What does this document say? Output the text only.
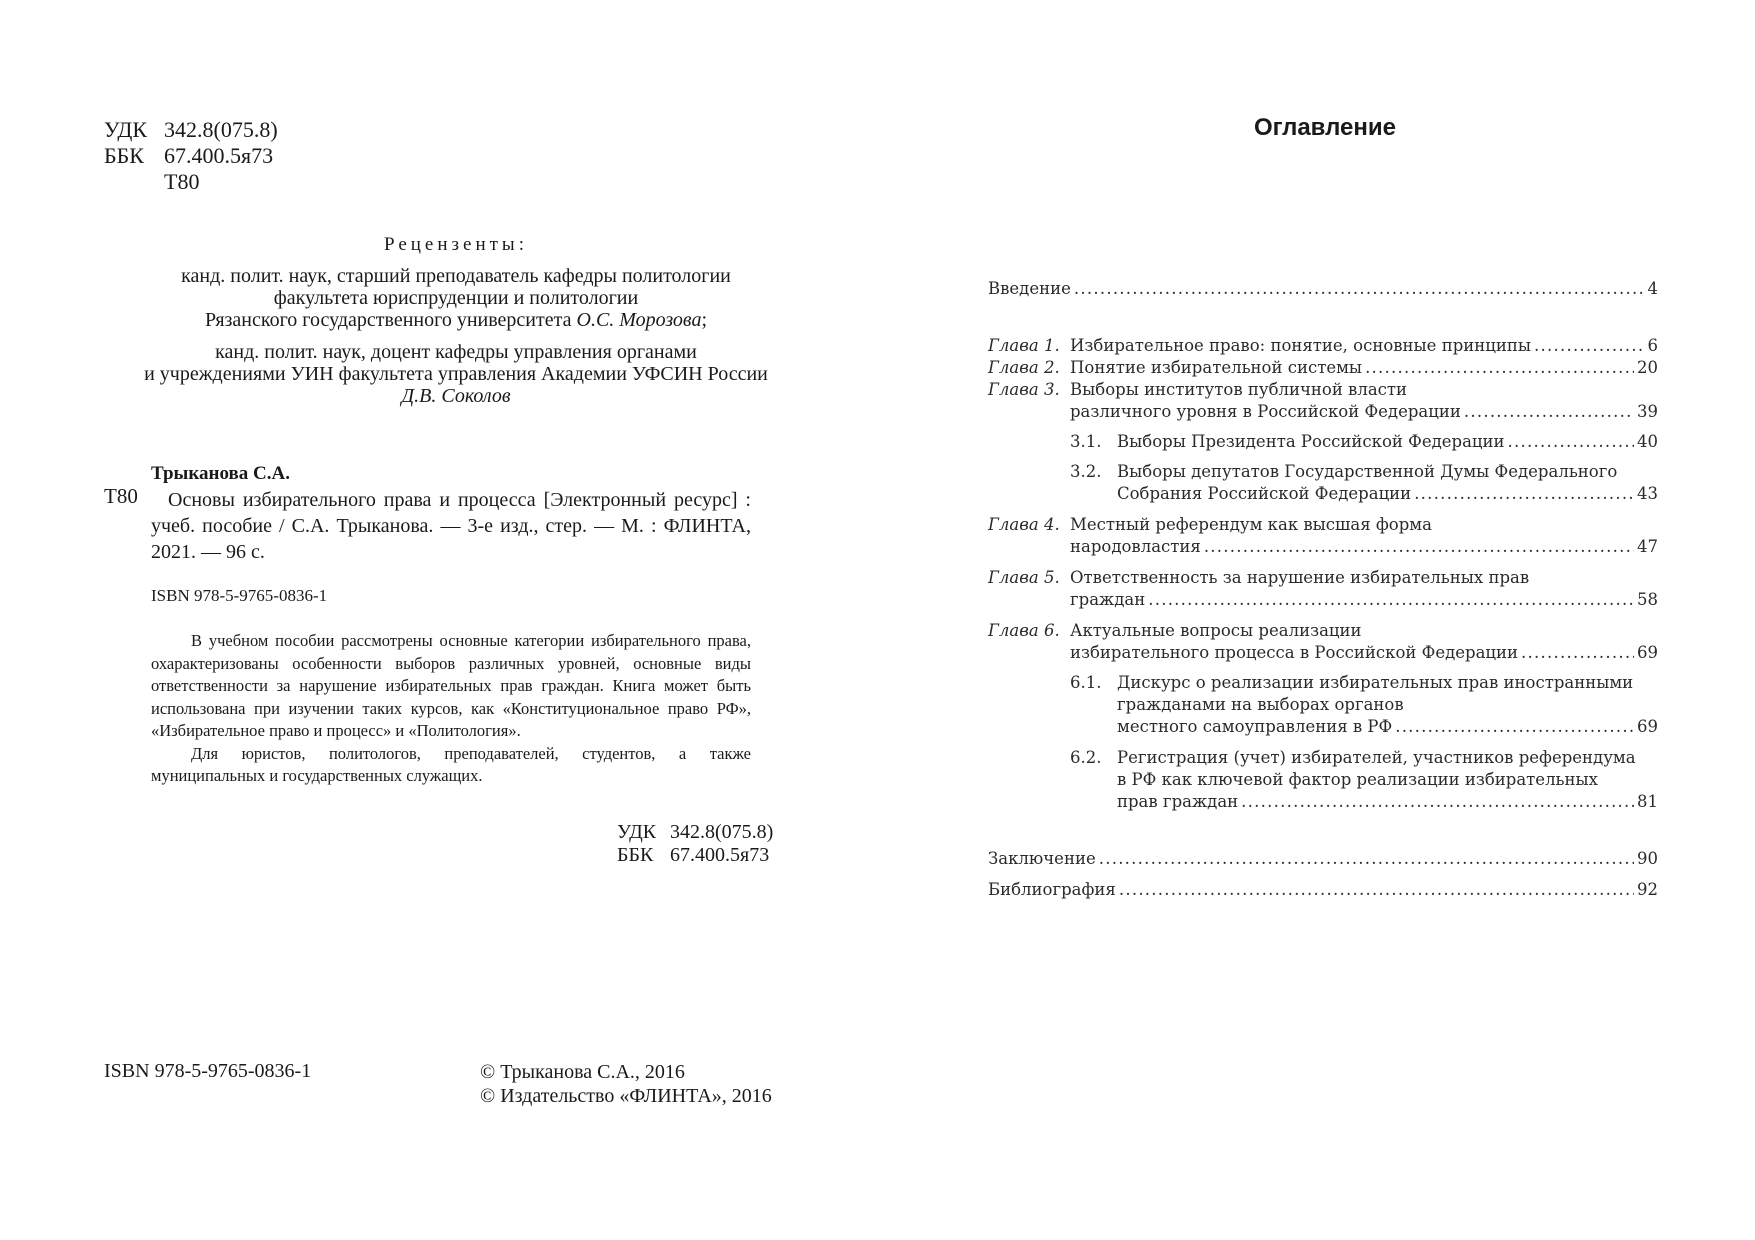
УДК 342.8(075.8)
ББК 67.400.5я73
Т80
Рецензенты:
канд. полит. наук, старший преподаватель кафедры политологии
факультета юриспруденции и политологии
Рязанского государственного университета О.С. Морозова;
канд. полит. наук, доцент кафедры управления органами
и учреждениями УИН факультета управления Академии УФСИН России
Д.В. Соколов
Т80
Трыканова С.А.
Основы избирательного права и процесса [Электронный ресурс] : учеб. пособие / С.А. Трыканова. — 3-е изд., стер. — М. : ФЛИНТА, 2021. — 96 с.
ISBN 978-5-9765-0836-1

В учебном пособии рассмотрены основные категории избирательного права, охарактеризованы особенности выборов различных уровней, основные виды ответственности за нарушение избирательных прав граждан. Книга может быть использована при изучении таких курсов, как «Конституциональное право РФ», «Избирательное право и процесс» и «Политология».

Для юристов, политологов, преподавателей, студентов, а также муниципальных и государственных служащих.

УДК 342.8(075.8)
ББК 67.400.5я73
ISBN 978-5-9765-0836-1	© Трыканова С.А., 2016
© Издательство «ФЛИНТА», 2016
Оглавление
Введение . . .	4
Глава 1. Избирательное право: понятие, основные принципы . . .	6
Глава 2. Понятие избирательной системы . . .	20
Глава 3. Выборы институтов публичной власти
различного уровня в Российской Федерации . . .	39
3.1. Выборы Президента Российской Федерации . . .	40
3.2. Выборы депутатов Государственной Думы Федерального
Собрания Российской Федерации . . .	43
Глава 4. Местный референдум как высшая форма
народовластия . . .	47
Глава 5. Ответственность за нарушение избирательных прав
граждан . . .	58
Глава 6. Актуальные вопросы реализации
избирательного процесса в Российской Федерации . . .	69
6.1. Дискурс о реализации избирательных прав иностранными
гражданами на выборах органов
местного самоуправления в РФ . . .	69
6.2. Регистрация (учет) избирателей, участников референдума
в РФ как ключевой фактор реализации избирательных
прав граждан . . .	81
Заключение . . .	90
Библиография . . .	92
